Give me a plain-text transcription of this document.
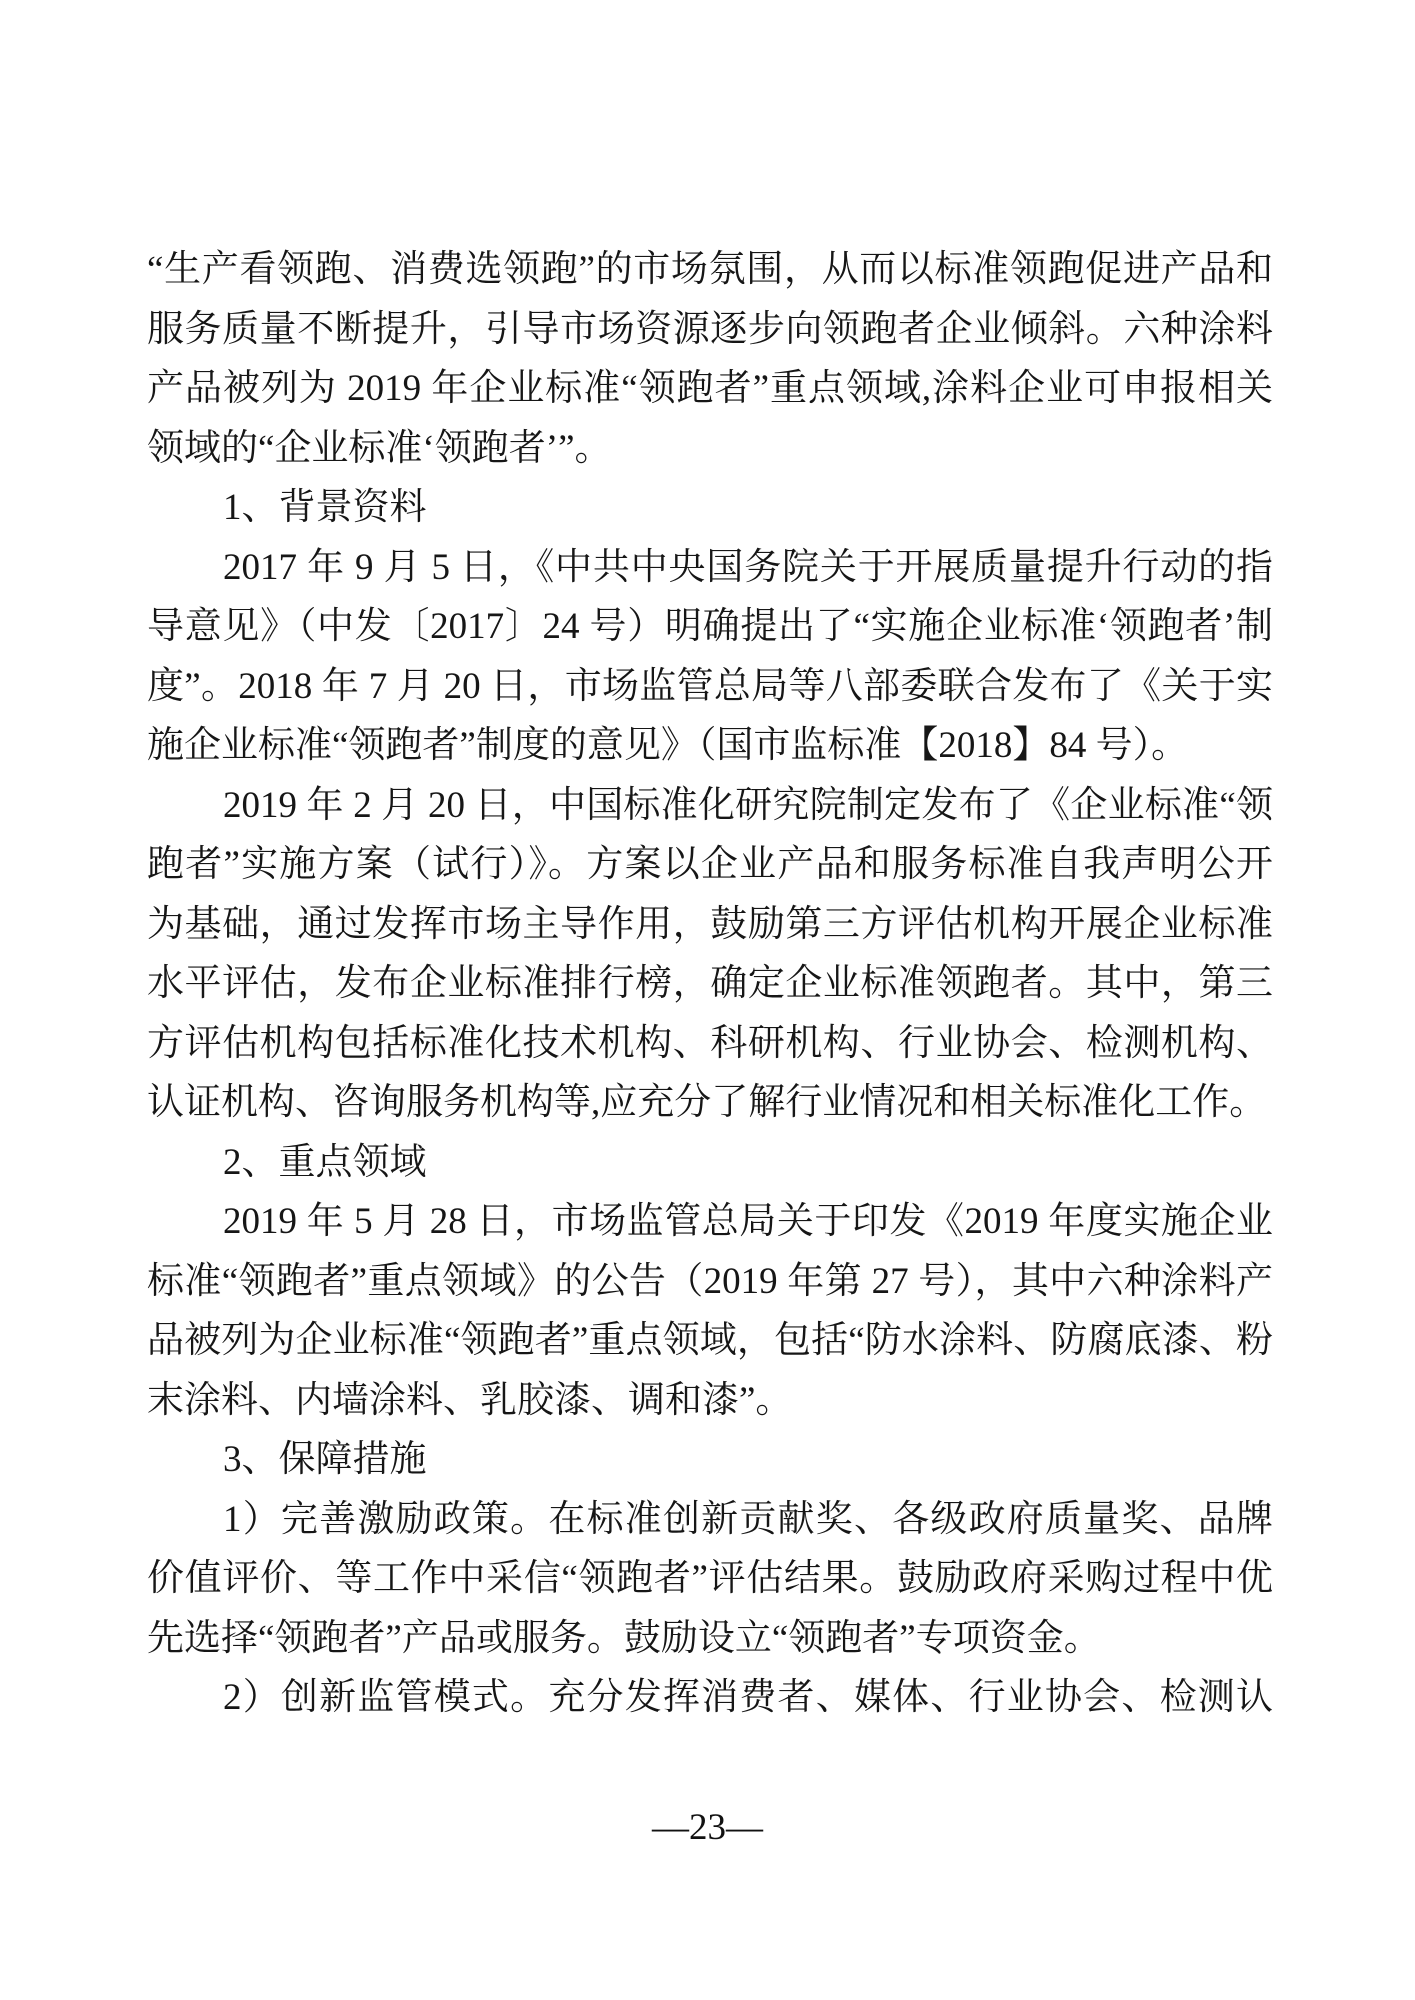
“生产看领跑、消费选领跑”的市场氛围，从而以标准领跑促进产品和
服务质量不断提升，引导市场资源逐步向领跑者企业倾斜。六种涂料
产品被列为 2019 年企业标准“领跑者”重点领域,涂料企业可申报相关
领域的“企业标准‘领跑者’”。
1、背景资料
2017 年 9 月 5 日，《中共中央国务院关于开展质量提升行动的指
导意见》（中发〔2017〕24 号）明确提出了“实施企业标准‘领跑者’制
度”。2018 年 7 月 20 日，市场监管总局等八部委联合发布了《关于实
施企业标准“领跑者”制度的意见》（国市监标准【2018】84 号）。
2019 年 2 月 20 日，中国标准化研究院制定发布了《企业标准“领
跑者”实施方案（试行）》。方案以企业产品和服务标准自我声明公开
为基础，通过发挥市场主导作用，鼓励第三方评估机构开展企业标准
水平评估，发布企业标准排行榜，确定企业标准领跑者。其中，第三
方评估机构包括标准化技术机构、科研机构、行业协会、检测机构、
认证机构、咨询服务机构等,应充分了解行业情况和相关标准化工作。
2、重点领域
2019 年 5 月 28 日，市场监管总局关于印发《2019 年度实施企业
标准“领跑者”重点领域》的公告（2019 年第 27 号），其中六种涂料产
品被列为企业标准“领跑者”重点领域，包括“防水涂料、防腐底漆、粉
末涂料、内墙涂料、乳胶漆、调和漆”。
3、保障措施
1）完善激励政策。在标准创新贡献奖、各级政府质量奖、品牌
价值评价、等工作中采信“领跑者”评估结果。鼓励政府采购过程中优
先选择“领跑者”产品或服务。鼓励设立“领跑者”专项资金。
2）创新监管模式。充分发挥消费者、媒体、行业协会、检测认
—23—
